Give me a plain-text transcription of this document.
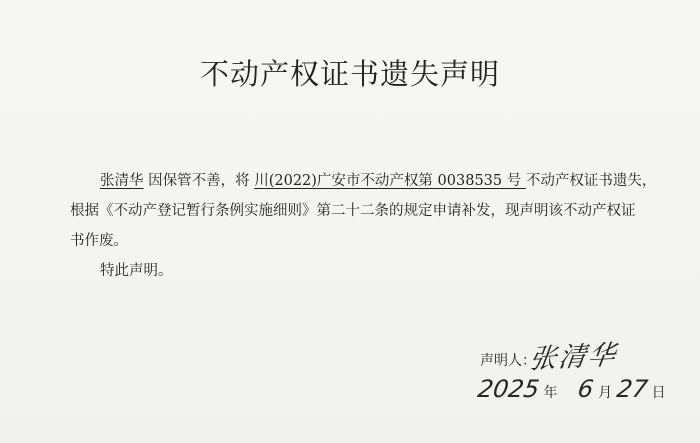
不动产权证书遗失声明
张清华 因保管不善，将 川(2022)广安市不动产权第 0038535 号 不动产权证书遗失，
根据《不动产登记暂行条例实施细则》第二十二条的规定申请补发，现声明该不动产权证
书作废。
特此声明。
声明人：
张清华
2025 年 6 月 27 日
